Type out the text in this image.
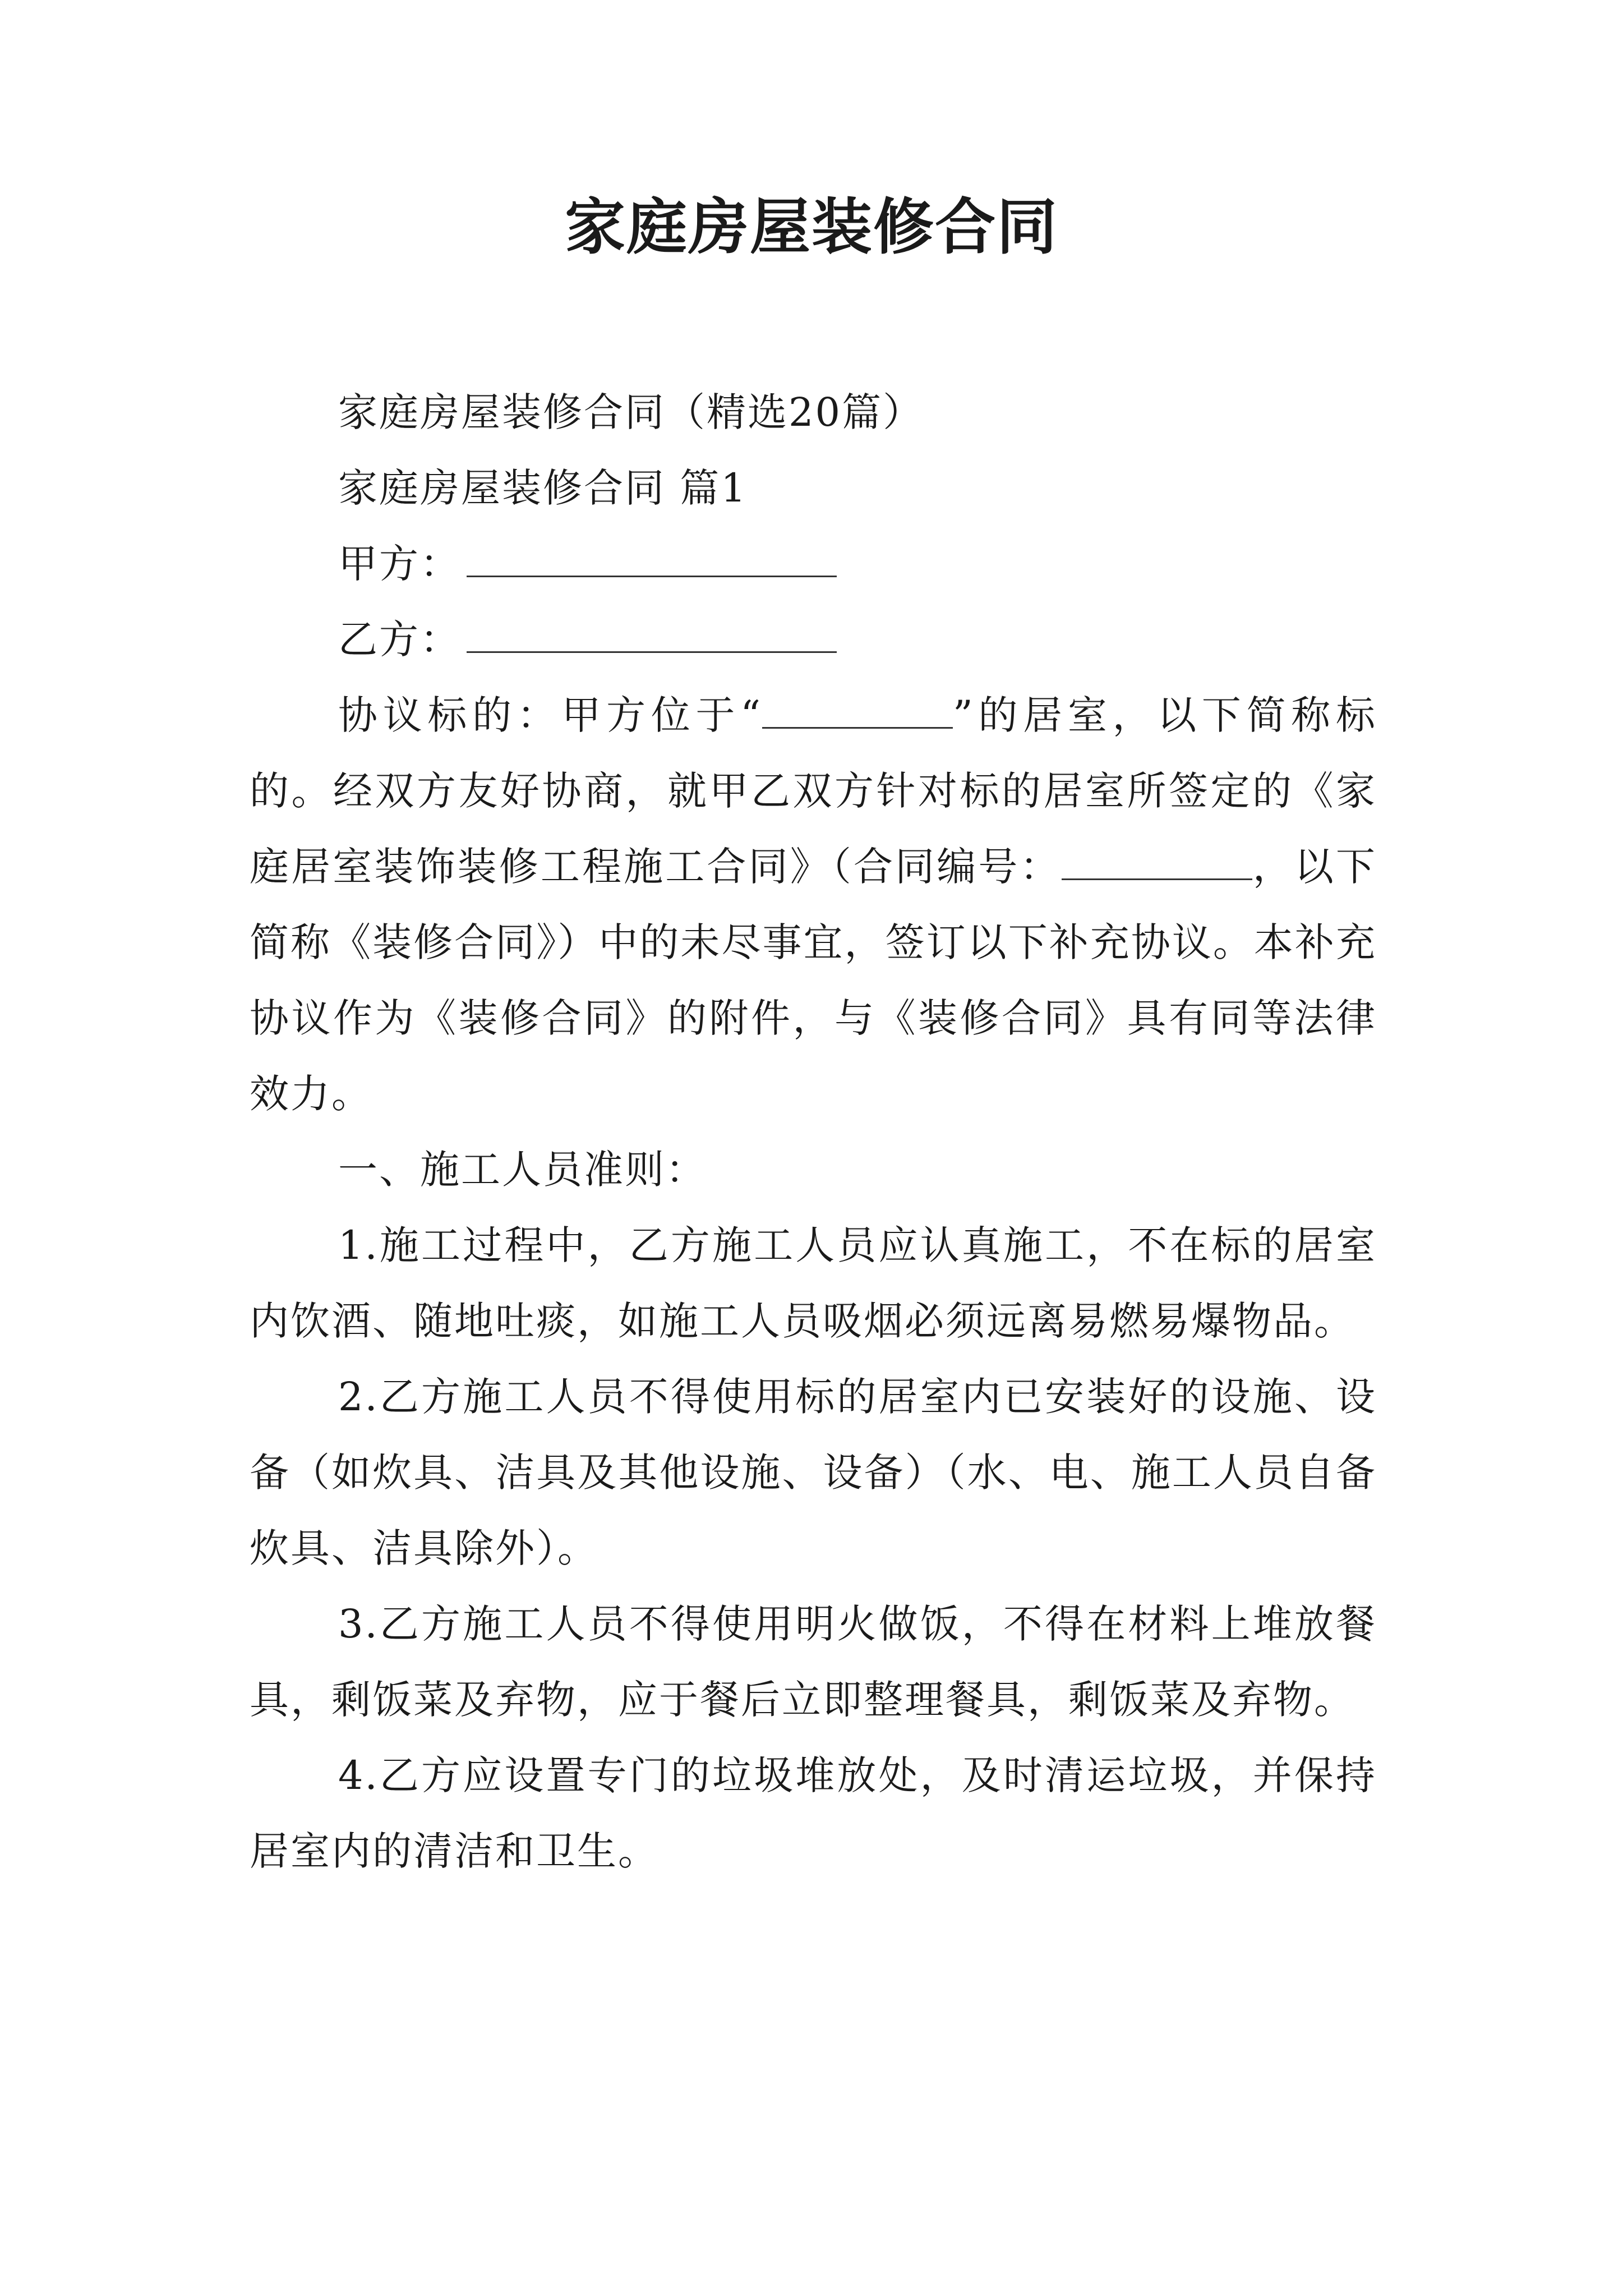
家庭房屋装修合同

家庭房屋装修合同（精选20篇）

家庭房屋装修合同 篇1

甲方：

乙方：

协议标的：甲方位于“	”的居室，以下简称标的。经双方友好协商，就甲乙双方针对标的居室所签定的《家庭居室装饰装修工程施工合同》（合同编号：	，以下简称《装修合同》）中的未尽事宜，签订以下补充协议。本补充协议作为《装修合同》的附件，与《装修合同》具有同等法律效力。

一、施工人员准则：

1.施工过程中，乙方施工人员应认真施工，不在标的居室内饮酒、随地吐痰，如施工人员吸烟必须远离易燃易爆物品。

2.乙方施工人员不得使用标的居室内已安装好的设施、设备（如炊具、洁具及其他设施、设备）（水、电、施工人员自备炊具、洁具除外）。

3.乙方施工人员不得使用明火做饭，不得在材料上堆放餐具，剩饭菜及弃物，应于餐后立即整理餐具，剩饭菜及弃物。

4.乙方应设置专门的垃圾堆放处，及时清运垃圾，并保持居室内的清洁和卫生。
